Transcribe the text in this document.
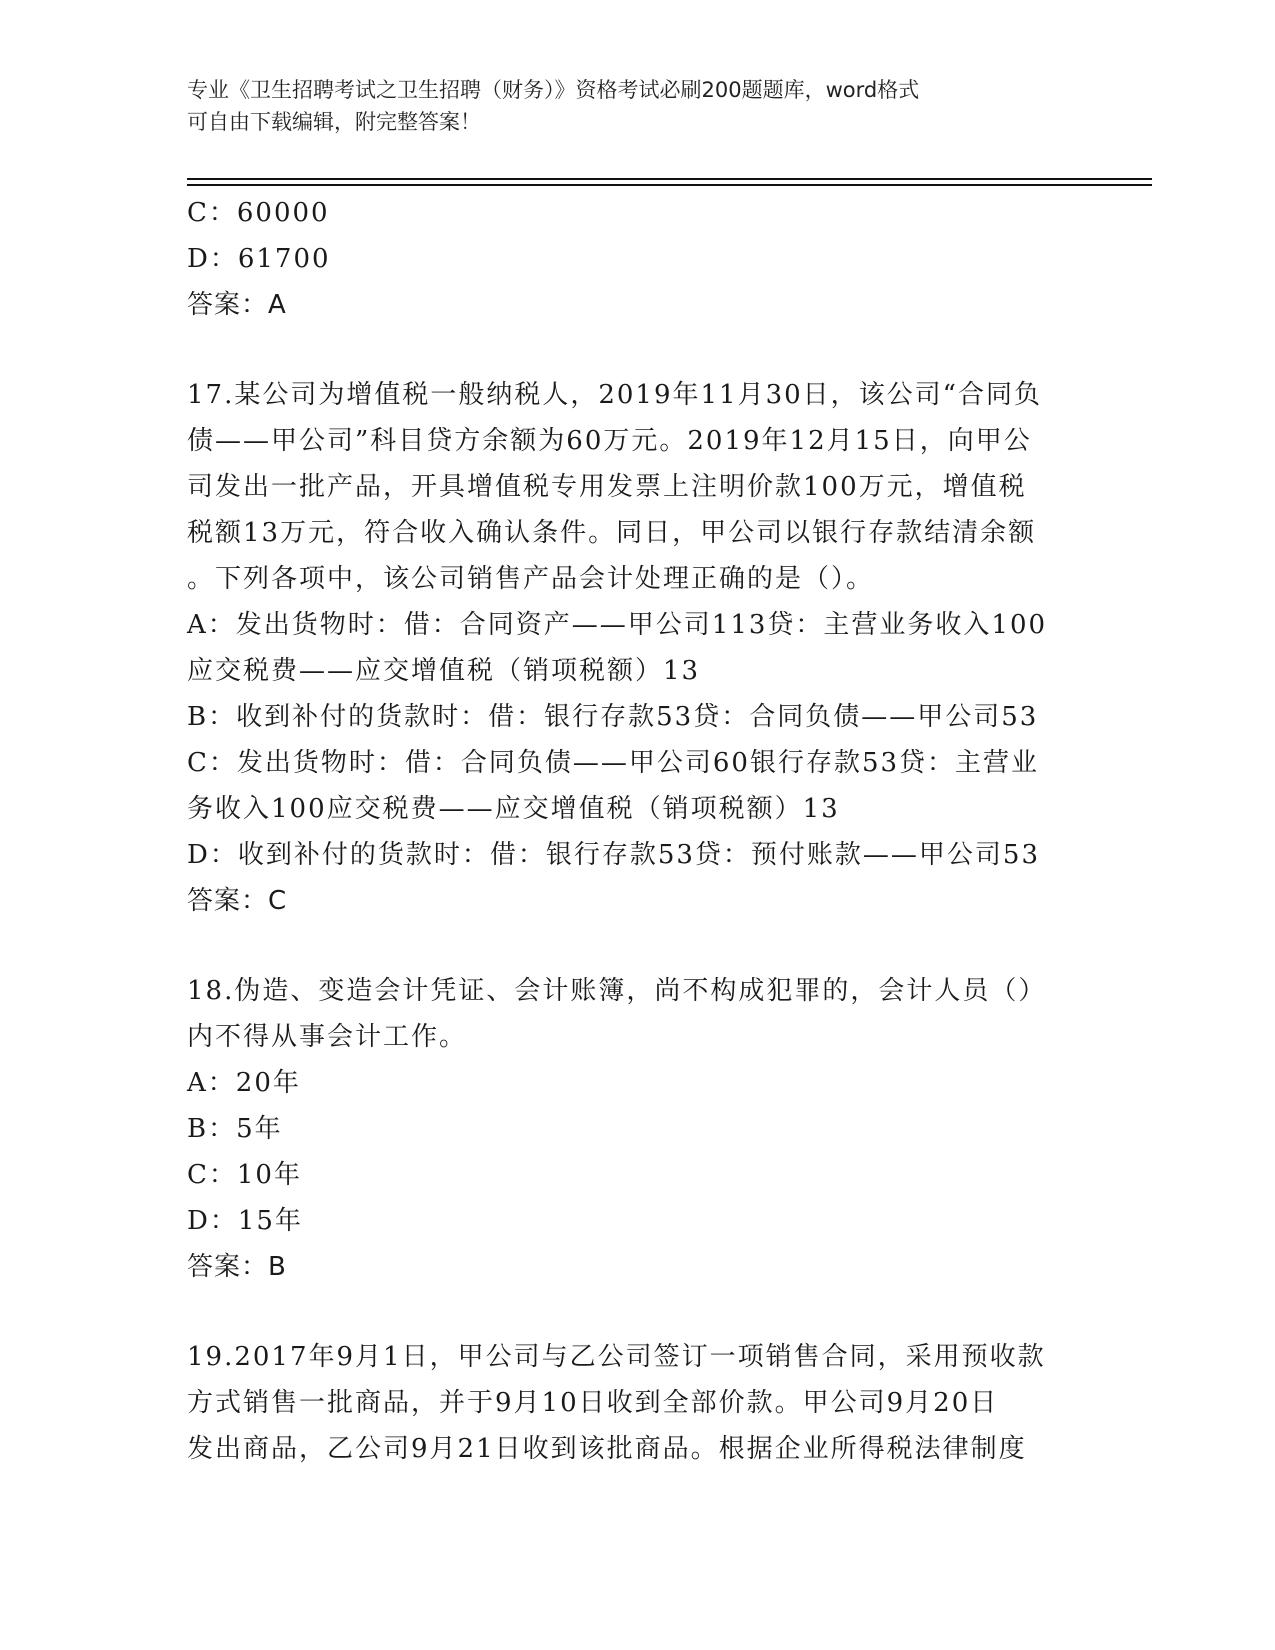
专业《卫生招聘考试之卫生招聘（财务）》资格考试必刷200题题库，word格式
可自由下载编辑，附完整答案！
C：60000
D：61700
答案：A
17.某公司为增值税一般纳税人，2019年11月30日，该公司“合同负
债——甲公司”科目贷方余额为60万元。2019年12月15日，向甲公
司发出一批产品，开具增值税专用发票上注明价款100万元，增值税
税额13万元，符合收入确认条件。同日，甲公司以银行存款结清余额
。下列各项中，该公司销售产品会计处理正确的是（）。
A：发出货物时：借：合同资产——甲公司113贷：主营业务收入100
应交税费——应交增值税（销项税额）13
B：收到补付的货款时：借：银行存款53贷：合同负债——甲公司53
C：发出货物时：借：合同负债——甲公司60银行存款53贷：主营业
务收入100应交税费——应交增值税（销项税额）13
D：收到补付的货款时：借：银行存款53贷：预付账款——甲公司53
答案：C
18.伪造、变造会计凭证、会计账簿，尚不构成犯罪的，会计人员（）
内不得从事会计工作。
A：20年
B：5年
C：10年
D：15年
答案：B
19.2017年9月1日，甲公司与乙公司签订一项销售合同，采用预收款
方式销售一批商品，并于9月10日收到全部价款。甲公司9月20日
发出商品，乙公司9月21日收到该批商品。根据企业所得税法律制度
